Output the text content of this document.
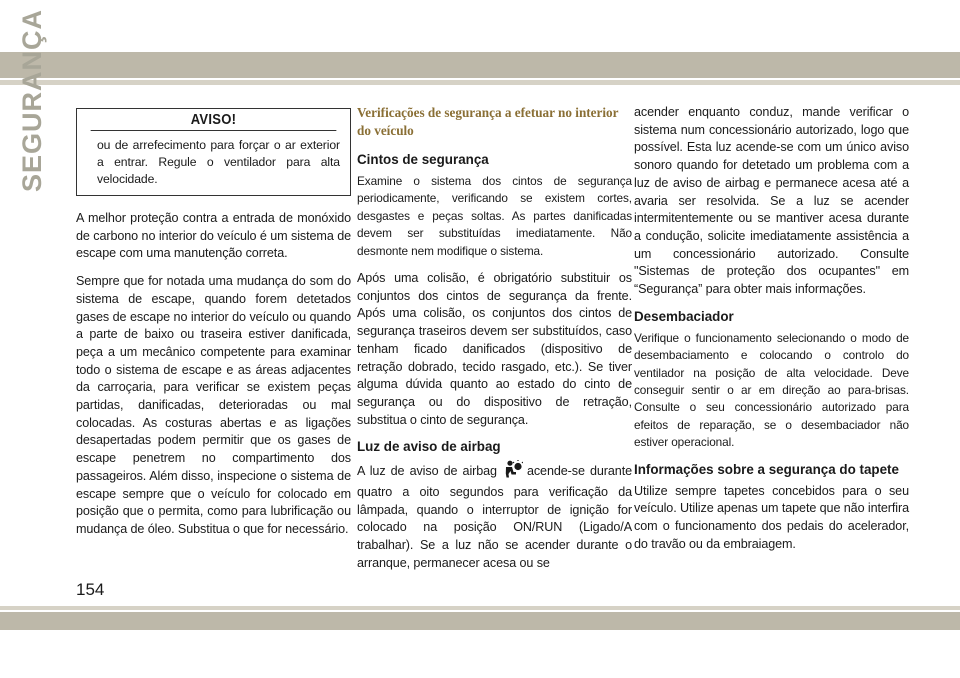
SEGURANÇA	AVISO!

ou de arrefecimento para forçar o ar exterior a entrar. Regule o ventilador para alta velocidade.

A melhor proteção contra a entrada de monóxido de carbono no interior do veículo é um sistema de escape com uma manutenção correta.

Sempre que for notada uma mudança do som do sistema de escape, quando forem detetados gases de escape no interior do veículo ou quando a parte de baixo ou traseira estiver danificada, peça a um mecânico competente para examinar todo o sistema de escape e as áreas adjacentes da carroçaria, para verificar se existem peças partidas, danificadas, deterioradas ou mal colocadas. As costuras abertas e as ligações desapertadas podem permitir que os gases de escape penetrem no compartimento dos passageiros. Além disso, inspecione o sistema de escape sempre que o veículo for colocado em posição que o permita, como para lubrificação ou mudança de óleo. Substitua o que for necessário.

Verificações de segurança a efetuar no interior do veículo
Cintos de segurança

Examine o sistema dos cintos de segurança periodicamente, verificando se existem cortes, desgastes e peças soltas. As partes danificadas devem ser substituídas imediatamente. Não desmonte nem modifique o sistema.

Após uma colisão, é obrigatório substituir os conjuntos dos cintos de segurança da frente. Após uma colisão, os conjuntos dos cintos de segurança traseiros devem ser substituídos, caso tenham ficado danificados (dispositivo de retração dobrado, tecido rasgado, etc.). Se tiver alguma dúvida quanto ao estado do cinto de segurança ou do dispositivo de retração, substitua o cinto de segurança.

Luz de aviso de airbag

A luz de aviso de airbag acende-se durante quatro a oito segundos para verificação da lâmpada, quando o interruptor de ignição for colocado na posição ON/RUN (Ligado/A trabalhar). Se a luz não se acender durante o arranque, permanecer acesa ou se

acender enquanto conduz, mande verificar o sistema num concessionário autorizado, logo que possível. Esta luz acende-se com um único aviso sonoro quando for detetado um problema com a luz de aviso de airbag e permanece acesa até a avaria ser resolvida. Se a luz se acender intermitentemente ou se mantiver acesa durante a condução, solicite imediatamente assistência a um concessionário autorizado. Consulte "Sistemas de proteção dos ocupantes" em “Segurança” para obter mais informações.

Desembaciador

Verifique o funcionamento selecionando o modo de desembaciamento e colocando o controlo do ventilador na posição de alta velocidade. Deve conseguir sentir o ar em direção ao para-brisas. Consulte o seu concessionário autorizado para efeitos de reparação, se o desembaciador não estiver operacional.

Informações sobre a segurança do tapete

Utilize sempre tapetes concebidos para o seu veículo. Utilize apenas um tapete que não interfira com o funcionamento dos pedais do acelerador, do travão ou da embraiagem.

154
